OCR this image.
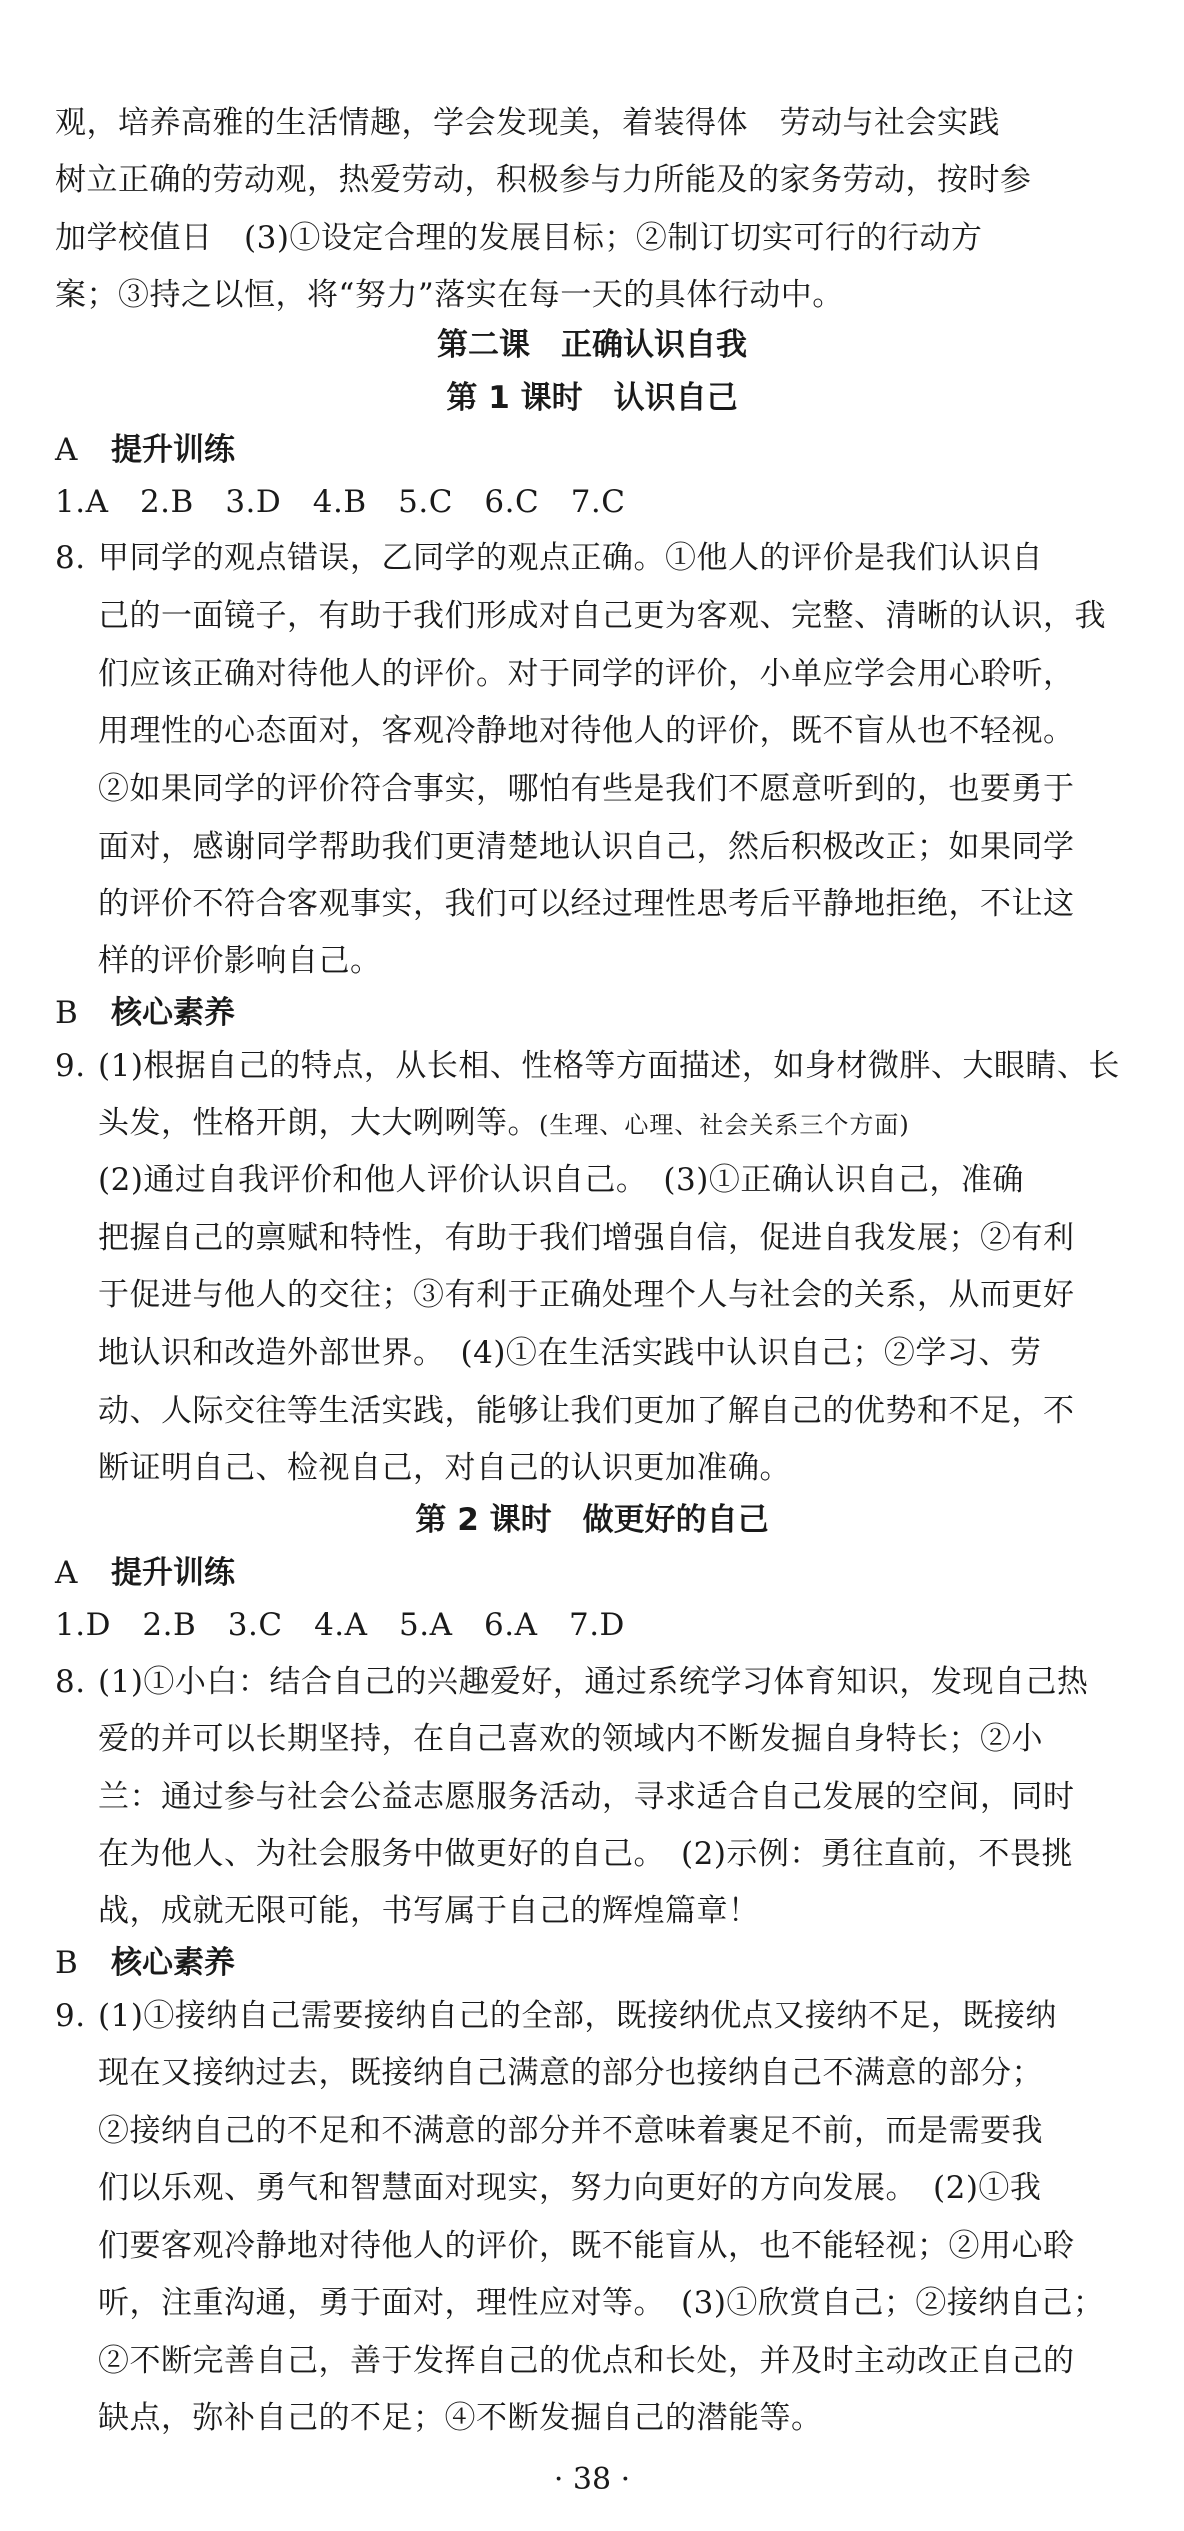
观，培养高雅的生活情趣，学会发现美，着装得体　劳动与社会实践
树立正确的劳动观，热爱劳动，积极参与力所能及的家务劳动，按时参
加学校值日　(3)①设定合理的发展目标；②制订切实可行的行动方
案；③持之以恒，将“努力”落实在每一天的具体行动中。
第二课　正确认识自我
第 1 课时　认识自己
A 提升训练
1.A　2.B　3.D　4.B　5.C　6.C　7.C
8. 甲同学的观点错误，乙同学的观点正确。①他人的评价是我们认识自
己的一面镜子，有助于我们形成对自己更为客观、完整、清晰的认识，我
们应该正确对待他人的评价。对于同学的评价，小单应学会用心聆听，
用理性的心态面对，客观冷静地对待他人的评价，既不盲从也不轻视。
②如果同学的评价符合事实，哪怕有些是我们不愿意听到的，也要勇于
面对，感谢同学帮助我们更清楚地认识自己，然后积极改正；如果同学
的评价不符合客观事实，我们可以经过理性思考后平静地拒绝，不让这
样的评价影响自己。
B 核心素养
9. (1)根据自己的特点，从长相、性格等方面描述，如身材微胖、大眼睛、长
头发，性格开朗，大大咧咧等。(生理、心理、社会关系三个方面)
(2)通过自我评价和他人评价认识自己。　(3)①正确认识自己，准确
把握自己的禀赋和特性，有助于我们增强自信，促进自我发展；②有利
于促进与他人的交往；③有利于正确处理个人与社会的关系，从而更好
地认识和改造外部世界。　(4)①在生活实践中认识自己；②学习、劳
动、人际交往等生活实践，能够让我们更加了解自己的优势和不足，不
断证明自己、检视自己，对自己的认识更加准确。
第 2 课时　做更好的自己
A 提升训练
1.D　2.B　3.C　4.A　5.A　6.A　7.D
8. (1)①小白：结合自己的兴趣爱好，通过系统学习体育知识，发现自己热
爱的并可以长期坚持，在自己喜欢的领域内不断发掘自身特长；②小
兰：通过参与社会公益志愿服务活动，寻求适合自己发展的空间，同时
在为他人、为社会服务中做更好的自己。　(2)示例：勇往直前，不畏挑
战，成就无限可能，书写属于自己的辉煌篇章！
B 核心素养
9. (1)①接纳自己需要接纳自己的全部，既接纳优点又接纳不足，既接纳
现在又接纳过去，既接纳自己满意的部分也接纳自己不满意的部分；
②接纳自己的不足和不满意的部分并不意味着裹足不前，而是需要我
们以乐观、勇气和智慧面对现实，努力向更好的方向发展。　(2)①我
们要客观冷静地对待他人的评价，既不能盲从，也不能轻视；②用心聆
听，注重沟通，勇于面对，理性应对等。　(3)①欣赏自己；②接纳自己；
②不断完善自己，善于发挥自己的优点和长处，并及时主动改正自己的
缺点，弥补自己的不足；④不断发掘自己的潜能等。
· 38 ·
